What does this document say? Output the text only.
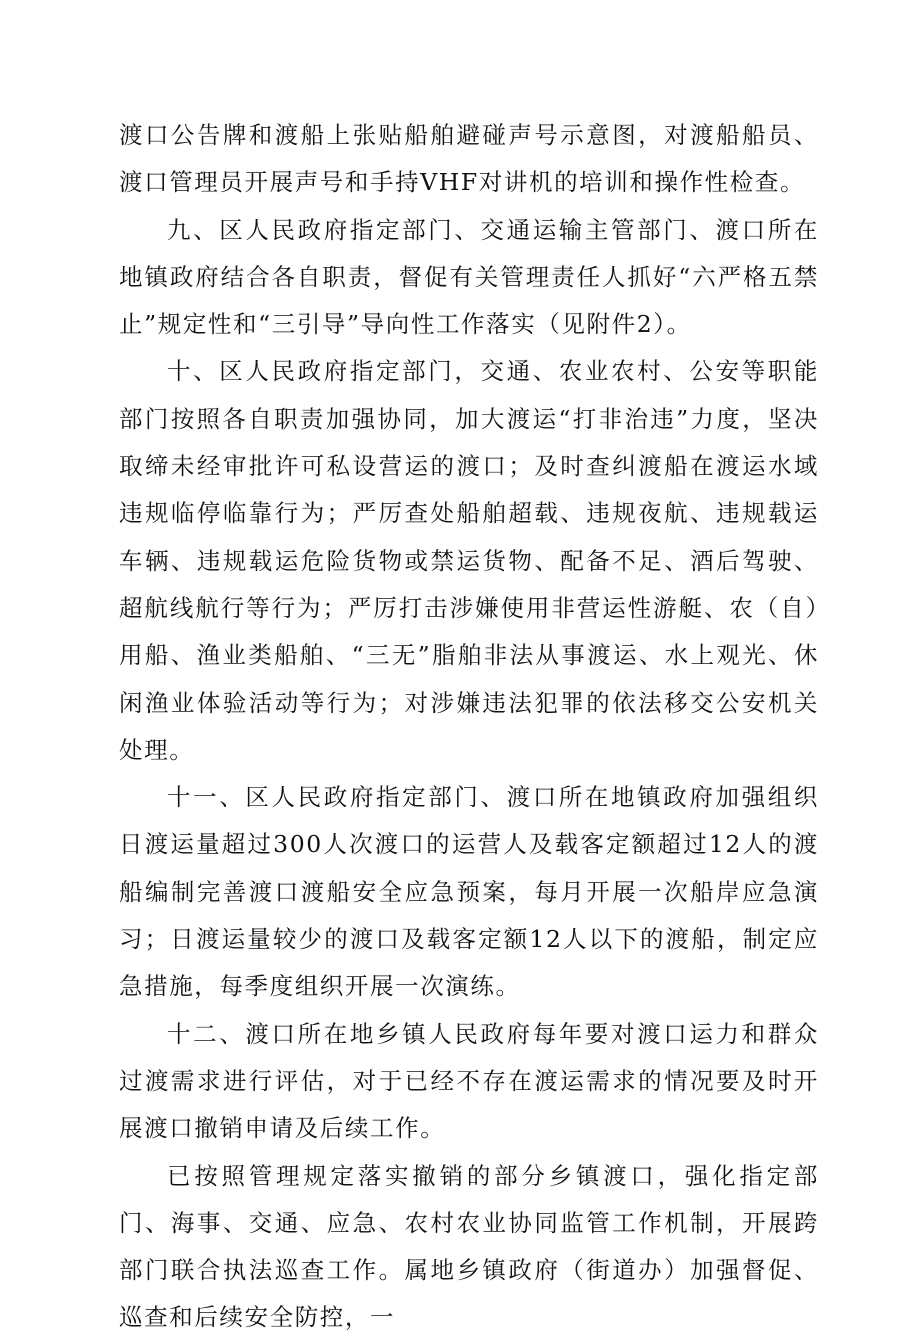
渡口公告牌和渡船上张贴船舶避碰声号示意图，对渡船船员、渡口管理员开展声号和手持VHF对讲机的培训和操作性检查。

九、区人民政府指定部门、交通运输主管部门、渡口所在地镇政府结合各自职责，督促有关管理责任人抓好“六严格五禁止”规定性和“三引导”导向性工作落实（见附件2）。

十、区人民政府指定部门，交通、农业农村、公安等职能部门按照各自职责加强协同，加大渡运“打非治违”力度，坚决取缔未经审批许可私设营运的渡口；及时查纠渡船在渡运水域违规临停临靠行为；严厉查处船舶超载、违规夜航、违规载运车辆、违规载运危险货物或禁运货物、配备不足、酒后驾驶、超航线航行等行为；严厉打击涉嫌使用非营运性游艇、农（自）用船、渔业类船舶、“三无”脂舶非法从事渡运、水上观光、休闲渔业体验活动等行为；对涉嫌违法犯罪的依法移交公安机关处理。

十一、区人民政府指定部门、渡口所在地镇政府加强组织日渡运量超过300人次渡口的运营人及载客定额超过12人的渡船编制完善渡口渡船安全应急预案，每月开展一次船岸应急演习；日渡运量较少的渡口及载客定额12人以下的渡船，制定应急措施，每季度组织开展一次演练。

十二、渡口所在地乡镇人民政府每年要对渡口运力和群众过渡需求进行评估，对于已经不存在渡运需求的情况要及时开展渡口撤销申请及后续工作。

已按照管理规定落实撤销的部分乡镇渡口，强化指定部门、海事、交通、应急、农村农业协同监管工作机制，开展跨部门联合执法巡查工作。属地乡镇政府（街道办）加强督促、巡查和后续安全防控，一
